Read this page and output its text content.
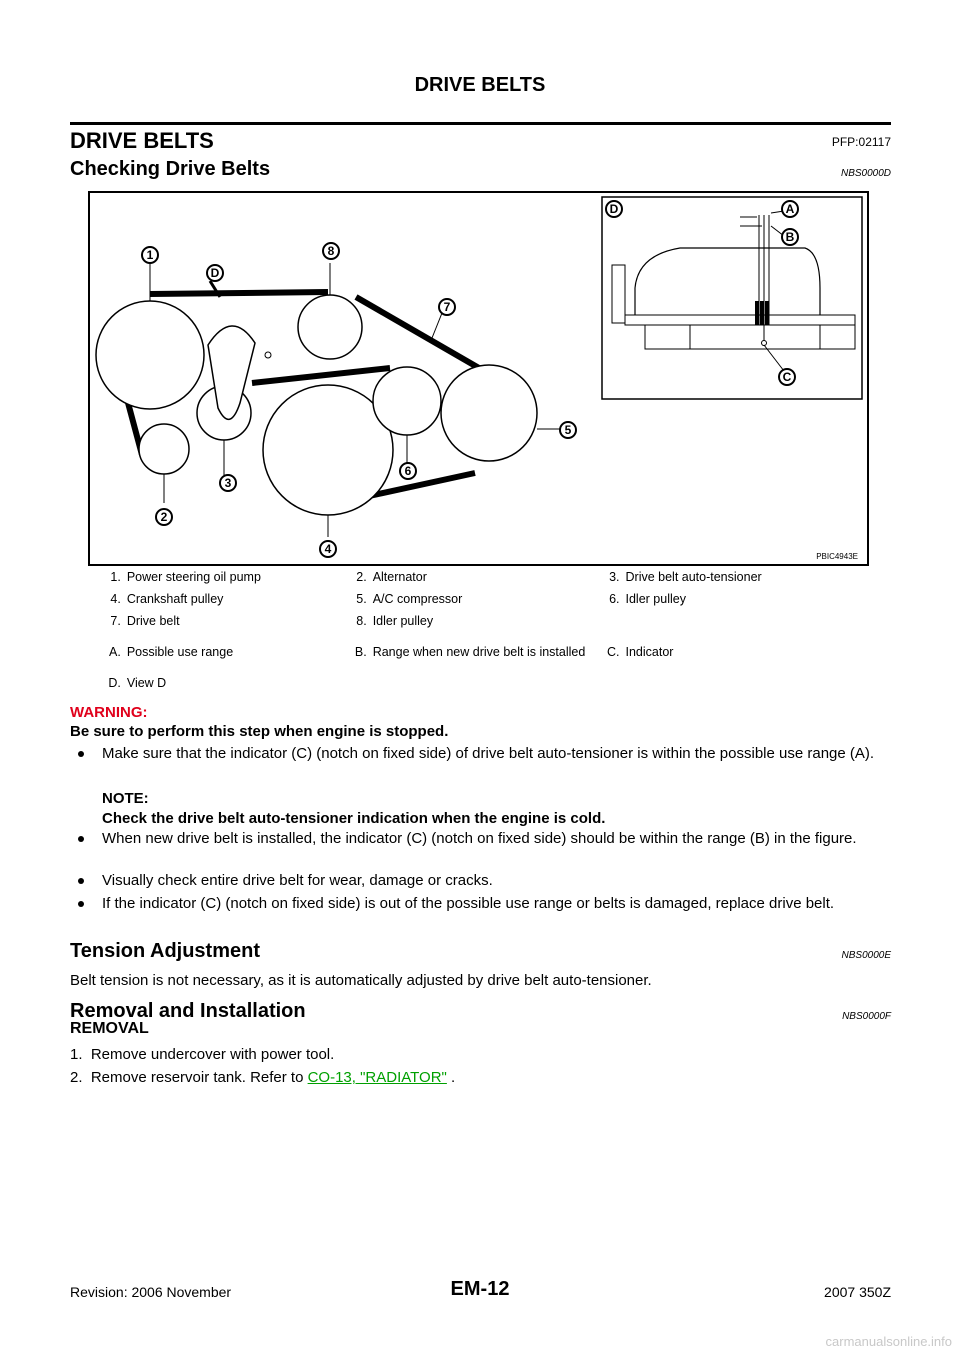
DRIVE BELTS
DRIVE BELTS	PFP:02117
Checking Drive Belts	NBS0000D
1
2
3
4
5
6
7
8
D
D	A
B
C
PBIC4943E
1.	Power steering oil pump	2.	Alternator	3.	Drive belt auto-tensioner
4.	Crankshaft pulley	5.	A/C compressor	6.	Idler pulley
7.	Drive belt	8.	Idler pulley		
A.	Possible use range	B.	Range when new drive belt is installed	C.	Indicator
D.	View D				
WARNING:
Be sure to perform this step when engine is stopped.
Make sure that the indicator (C) (notch on fixed side) of drive belt auto-tensioner is within the possible use range (A).
NOTE:
Check the drive belt auto-tensioner indication when the engine is cold.
When new drive belt is installed, the indicator (C) (notch on fixed side) should be within the range (B) in the figure.
Visually check entire drive belt for wear, damage or cracks.
If the indicator (C) (notch on fixed side) is out of the possible use range or belts is damaged, replace drive belt.
Tension Adjustment	NBS0000E
Belt tension is not necessary, as it is automatically adjusted by drive belt auto-tensioner.
Removal and Installation	NBS0000F
REMOVAL
1.  Remove undercover with power tool.
2.  Remove reservoir tank. Refer to CO-13, "RADIATOR" .
Revision: 2006 November	EM-12	2007 350Z
carmanualsonline.info
